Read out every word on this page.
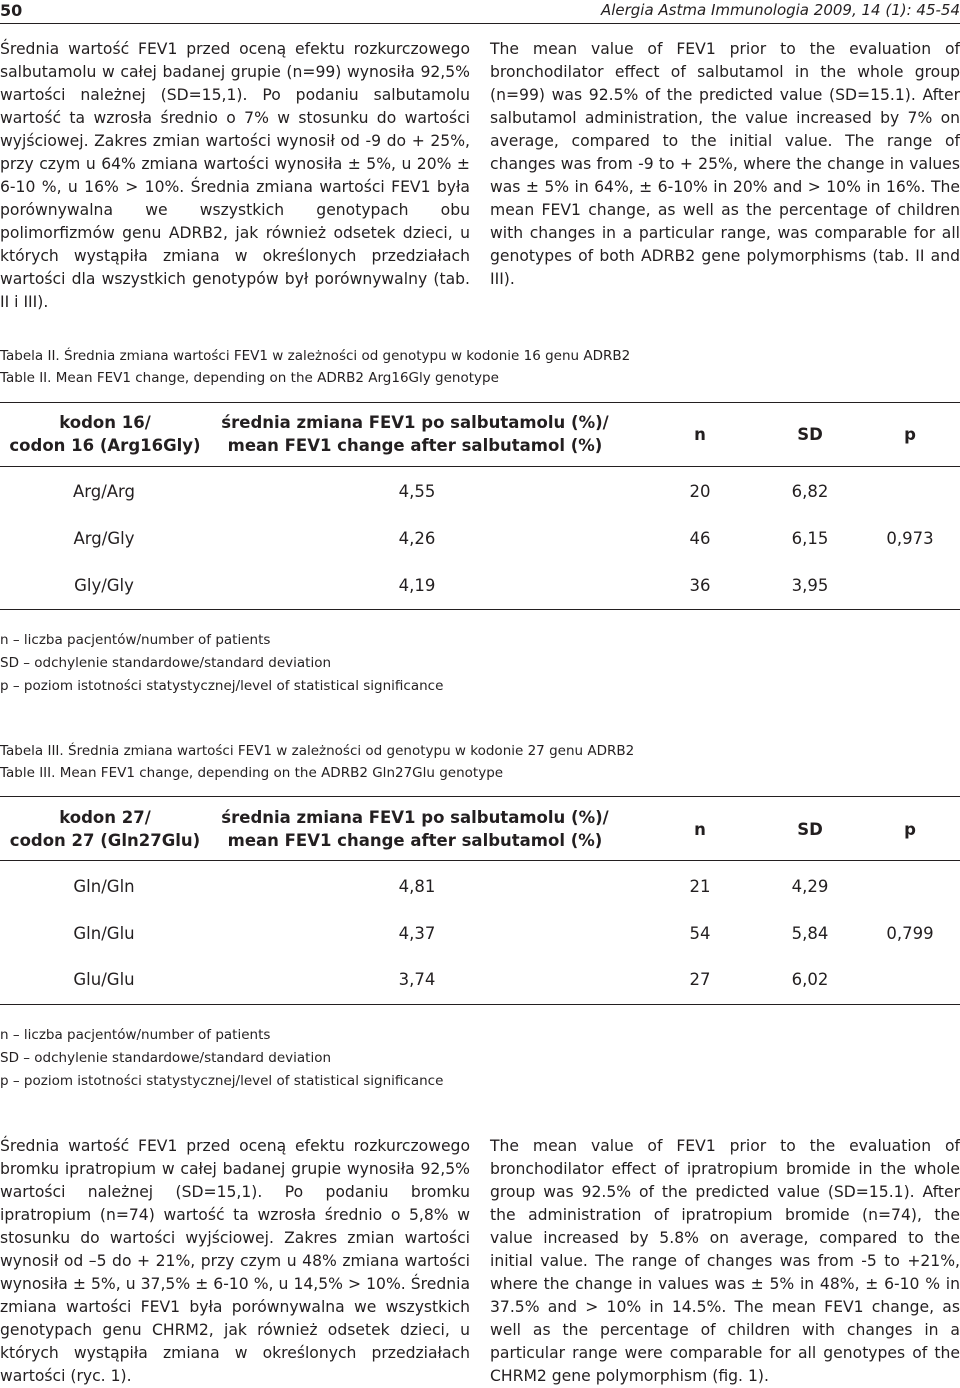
50	Alergia Astma Immunologia 2009, 14 (1): 45-54

Średnia wartość FEV1 przed oceną efektu rozkurczowego salbutamolu w całej badanej grupie (n=99) wynosiła 92,5% wartości należnej (SD=15,1). Po podaniu salbutamolu wartość ta wzrosła średnio o 7% w stosunku do wartości wyjściowej. Zakres zmian wartości wynosił od -9 do + 25%, przy czym u 64% zmiana wartości wynosiła ± 5%, u 20% ± 6-10 %, u 16% > 10%. Średnia zmiana wartości FEV1 była porównywalna we wszystkich genotypach obu polimorfizmów genu ADRB2, jak również odsetek dzieci, u których wystąpiła zmiana w określonych przedziałach wartości dla wszystkich genotypów był porównywalny (tab. II i III).

The mean value of FEV1 prior to the evaluation of bronchodilator effect of salbutamol in the whole group (n=99) was 92.5% of the predicted value (SD=15.1). After salbutamol administration, the value increased by 7% on average, compared to the initial value. The range of changes was from -9 to + 25%, where the change in values was ± 5% in 64%, ± 6-10% in 20% and > 10% in 16%. The mean FEV1 change, as well as the percentage of children with changes in a particular range, was comparable for all genotypes of both ADRB2 gene polymorphisms (tab. II and III).

Tabela II. Średnia zmiana wartości FEV1 w zależności od genotypu w kodonie 16 genu ADRB2
Table II. Mean FEV1 change, depending on the ADRB2 Arg16Gly genotype
kodon 16/
codon 16 (Arg16Gly)
średnia zmiana FEV1 po salbutamolu (%)/
mean FEV1 change after salbutamol (%)
n	SD	p
Arg/Arg	4,55	20	6,82
Arg/Gly	4,26	46	6,15	0,973
Gly/Gly	4,19	36	3,95
n – liczba pacjentów/number of patients
SD – odchylenie standardowe/standard deviation
p – poziom istotności statystycznej/level of statistical significance
Tabela III. Średnia zmiana wartości FEV1 w zależności od genotypu w kodonie 27 genu ADRB2
Table III. Mean FEV1 change, depending on the ADRB2 Gln27Glu genotype
kodon 27/
codon 27 (Gln27Glu)
średnia zmiana FEV1 po salbutamolu (%)/
mean FEV1 change after salbutamol (%)
n	SD	p
Gln/Gln	4,81	21	4,29
Gln/Glu	4,37	54	5,84	0,799
Glu/Glu	3,74	27	6,02
n – liczba pacjentów/number of patients
SD – odchylenie standardowe/standard deviation
p – poziom istotności statystycznej/level of statistical significance

Średnia wartość FEV1 przed oceną efektu rozkurczowego bromku ipratropium w całej badanej grupie wynosiła 92,5% wartości należnej (SD=15,1). Po podaniu bromku ipratropium (n=74) wartość ta wzrosła średnio o 5,8% w stosunku do wartości wyjściowej. Zakres zmian wartości wynosił od –5 do + 21%, przy czym u 48% zmiana wartości wynosiła ± 5%, u 37,5% ± 6-10 %, u 14,5% > 10%. Średnia zmiana wartości FEV1 była porównywalna we wszystkich genotypach genu CHRM2, jak również odsetek dzieci, u których wystąpiła zmiana w określonych przedziałach wartości (ryc. 1).

The mean value of FEV1 prior to the evaluation of bronchodilator effect of ipratropium bromide in the whole group was 92.5% of the predicted value (SD=15.1). After the administration of ipratropium bromide (n=74), the value increased by 5.8% on average, compared to the initial value. The range of changes was from -5 to +21%, where the change in values was ± 5% in 48%, ± 6-10 % in 37.5% and > 10% in 14.5%. The mean FEV1 change, as well as the percentage of children with changes in a particular range were comparable for all genotypes of the CHRM2 gene polymorphism (fig. 1).
